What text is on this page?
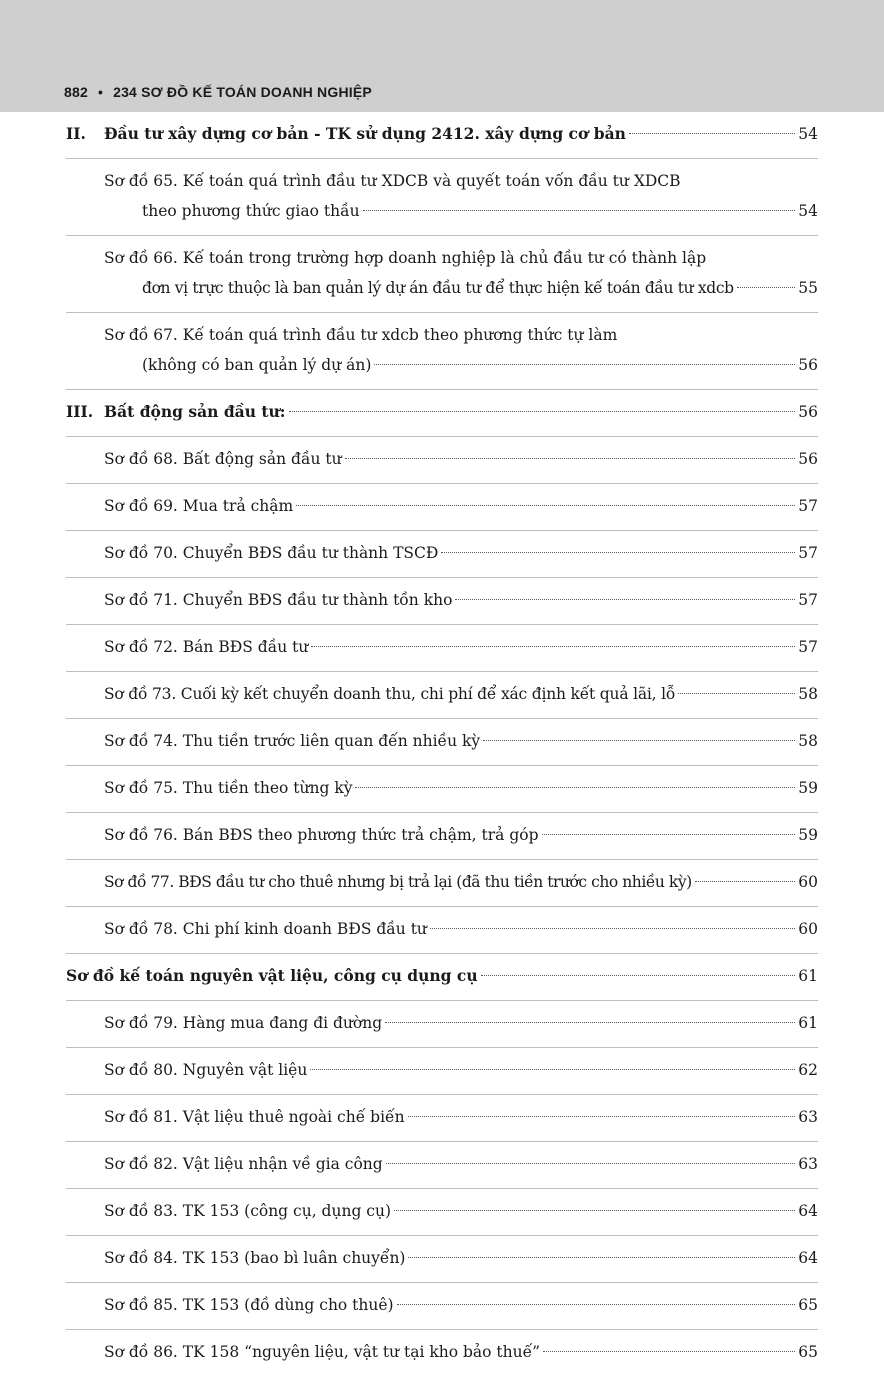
882 • 234 SƠ ĐỒ KẾ TOÁN DOANH NGHIỆP
II. Đầu tư xây dựng cơ bản - TK sử dụng 2412. xây dựng cơ bản	54
Sơ đồ 65. Kế toán quá trình đầu tư XDCB và quyết toán vốn đầu tư XDCB
theo phương thức giao thầu	54
Sơ đồ 66. Kế toán trong trường hợp doanh nghiệp là chủ đầu tư có thành lập
đơn vị trực thuộc là ban quản lý dự án đầu tư để thực hiện kế toán đầu tư xdcb	55
Sơ đồ 67. Kế toán quá trình đầu tư xdcb theo phương thức tự làm
(không có ban quản lý dự án)	56
III. Bất động sản đầu tư:	56
Sơ đồ 68. Bất động sản đầu tư	56
Sơ đồ 69. Mua trả chậm	57
Sơ đồ 70. Chuyển BĐS đầu tư thành TSCĐ	57
Sơ đồ 71. Chuyển BĐS đầu tư thành tồn kho	57
Sơ đồ 72. Bán BĐS đầu tư	57
Sơ đồ 73. Cuối kỳ kết chuyển doanh thu, chi phí để xác định kết quả lãi, lỗ	58
Sơ đồ 74. Thu tiền trước liên quan đến nhiều kỳ	58
Sơ đồ 75. Thu tiền theo từng kỳ	59
Sơ đồ 76. Bán BĐS theo phương thức trả chậm, trả góp	59
Sơ đồ 77. BĐS đầu tư cho thuê nhưng bị trả lại (đã thu tiền trước cho nhiều kỳ)	60
Sơ đồ 78. Chi phí kinh doanh BĐS đầu tư	60
Sơ đồ kế toán nguyên vật liệu, công cụ dụng cụ	61
Sơ đồ 79. Hàng mua đang đi đường	61
Sơ đồ 80. Nguyên vật liệu	62
Sơ đồ 81. Vật liệu thuê ngoài chế biến	63
Sơ đồ 82. Vật liệu nhận về gia công	63
Sơ đồ 83. TK 153 (công cụ, dụng cụ)	64
Sơ đồ 84. TK 153 (bao bì luân chuyển)	64
Sơ đồ 85. TK 153 (đồ dùng cho thuê)	65
Sơ đồ 86. TK 158 “nguyên liệu, vật tư tại kho bảo thuế”	65
